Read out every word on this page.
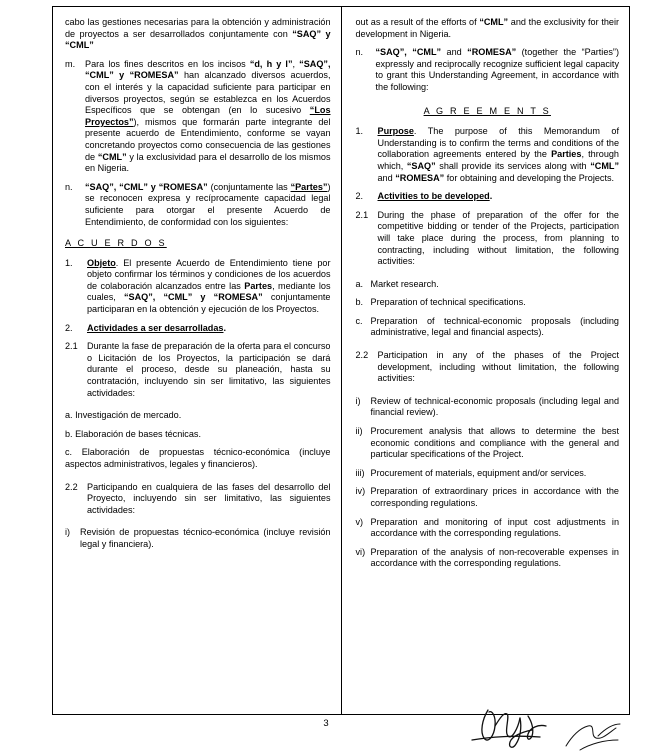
cabo las gestiones necesarias para la obtención y administración de proyectos a ser desarrollados conjuntamente con “SAQ” y “CML”

m.	Para los fines descritos en los incisos “d, h y l”, “SAQ”, “CML” y “ROMESA” han alcanzado diversos acuerdos, con el interés y la capacidad suficiente para participar en diversos proyectos, según se establezca en los Acuerdos Específicos que se obtengan (en lo sucesivo “Los Proyectos”), mismos que formarán parte integrante del presente acuerdo de Entendimiento, conforme se vayan concretando proyectos como consecuencia de las gestiones de “CML” y la exclusividad para el desarrollo de los mismos en Nigeria.

n.	“SAQ”, “CML” y “ROMESA” (conjuntamente las “Partes”) se reconocen expresa y recíprocamente capacidad legal suficiente para otorgar el presente Acuerdo de Entendimiento, de conformidad con los siguientes:

A C U E R D O S

1.	Objeto. El presente Acuerdo de Entendimiento tiene por objeto confirmar los términos y condiciones de los acuerdos de colaboración alcanzados entre las Partes, mediante los cuales, “SAQ”, “CML” y “ROMESA” conjuntamente participaran en la obtención y ejecución de los Proyectos.

2.	Actividades a ser desarrolladas.

2.1	Durante la fase de preparación de la oferta para el concurso o Licitación de los Proyectos, la participación se dará durante el proceso, desde su planeación, hasta su contratación, incluyendo sin ser limitativo, las siguientes actividades:

a. Investigación de mercado.

b. Elaboración de bases técnicas.

c. Elaboración de propuestas técnico-económica (incluye aspectos administrativos, legales y financieros).

2.2	Participando en cualquiera de las fases del desarrollo del Proyecto, incluyendo sin ser limitativo, las siguientes actividades:

i)	Revisión de propuestas técnico-económica (incluye revisión legal y financiera).

out as a result of the efforts of “CML” and the exclusivity for their development in Nigeria.

n.	“SAQ”, “CML” and “ROMESA” (together the “Parties”) expressly and reciprocally recognize sufficient legal capacity to grant this Understanding Agreement, in accordance with the following:

A G R E E M E N T S

1.	Purpose. The purpose of this Memorandum of Understanding is to confirm the terms and conditions of the collaboration agreements entered by the Parties, through which, “SAQ” shall provide its services along with “CML” and “ROMESA” for obtaining and developing the Projects.

2.	Activities to be developed.

2.1	During the phase of preparation of the offer for the competitive bidding or tender of the Projects, participation will take place during the process, from planning to contracting, including without limitation, the following activities:

a. Market research.

b. Preparation of technical specifications.

c. Preparation of technical-economic proposals (including administrative, legal and financial aspects).

2.2	Participation in any of the phases of the Project development, including without limitation, the following activities:

i)	Review of technical-economic proposals (including legal and financial review).

ii) Procurement analysis that allows to determine the best economic conditions and compliance with the general and particular specifications of the Project.

iii) Procurement of materials, equipment and/or services.

iv) Preparation of extraordinary prices in accordance with the corresponding regulations.

v) Preparation and monitoring of input cost adjustments in accordance with the corresponding regulations.

vi) Preparation of the analysis of non-recoverable expenses in accordance with the corresponding regulations.

3
